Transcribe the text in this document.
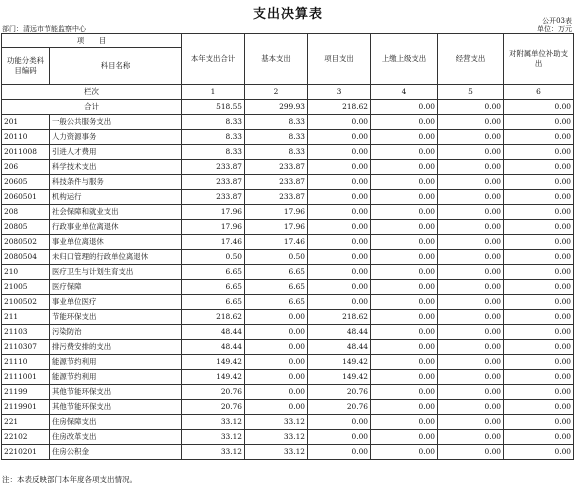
支出决算表	公开03表
部门：清远市节能监察中心	单位：万元
项　　目		本年支出合计	基本支出	项目支出	上缴上级支出	经营支出	对附属单位补助支出
功能分类科目编码	科目名称						
栏次		1	2	3	4	5	6
合计		518.55	299.93	218.62	0.00	0.00	0.00
201	一般公共服务支出	8.33	8.33	0.00	0.00	0.00	0.00
20110	人力资源事务	8.33	8.33	0.00	0.00	0.00	0.00
2011008	引进人才费用	8.33	8.33	0.00	0.00	0.00	0.00
206	科学技术支出	233.87	233.87	0.00	0.00	0.00	0.00
20605	科技条件与服务	233.87	233.87	0.00	0.00	0.00	0.00
2060501	机构运行	233.87	233.87	0.00	0.00	0.00	0.00
208	社会保障和就业支出	17.96	17.96	0.00	0.00	0.00	0.00
20805	行政事业单位离退休	17.96	17.96	0.00	0.00	0.00	0.00
2080502	事业单位离退休	17.46	17.46	0.00	0.00	0.00	0.00
2080504	未归口管理的行政单位离退休	0.50	0.50	0.00	0.00	0.00	0.00
210	医疗卫生与计划生育支出	6.65	6.65	0.00	0.00	0.00	0.00
21005	医疗保障	6.65	6.65	0.00	0.00	0.00	0.00
2100502	事业单位医疗	6.65	6.65	0.00	0.00	0.00	0.00
211	节能环保支出	218.62	0.00	218.62	0.00	0.00	0.00
21103	污染防治	48.44	0.00	48.44	0.00	0.00	0.00
2110307	排污费安排的支出	48.44	0.00	48.44	0.00	0.00	0.00
21110	能源节约利用	149.42	0.00	149.42	0.00	0.00	0.00
2111001	能源节约利用	149.42	0.00	149.42	0.00	0.00	0.00
21199	其他节能环保支出	20.76	0.00	20.76	0.00	0.00	0.00
2119901	其他节能环保支出	20.76	0.00	20.76	0.00	0.00	0.00
221	住房保障支出	33.12	33.12	0.00	0.00	0.00	0.00
22102	住房改革支出	33.12	33.12	0.00	0.00	0.00	0.00
2210201	住房公积金	33.12	33.12	0.00	0.00	0.00	0.00
注：本表反映部门本年度各项支出情况。
